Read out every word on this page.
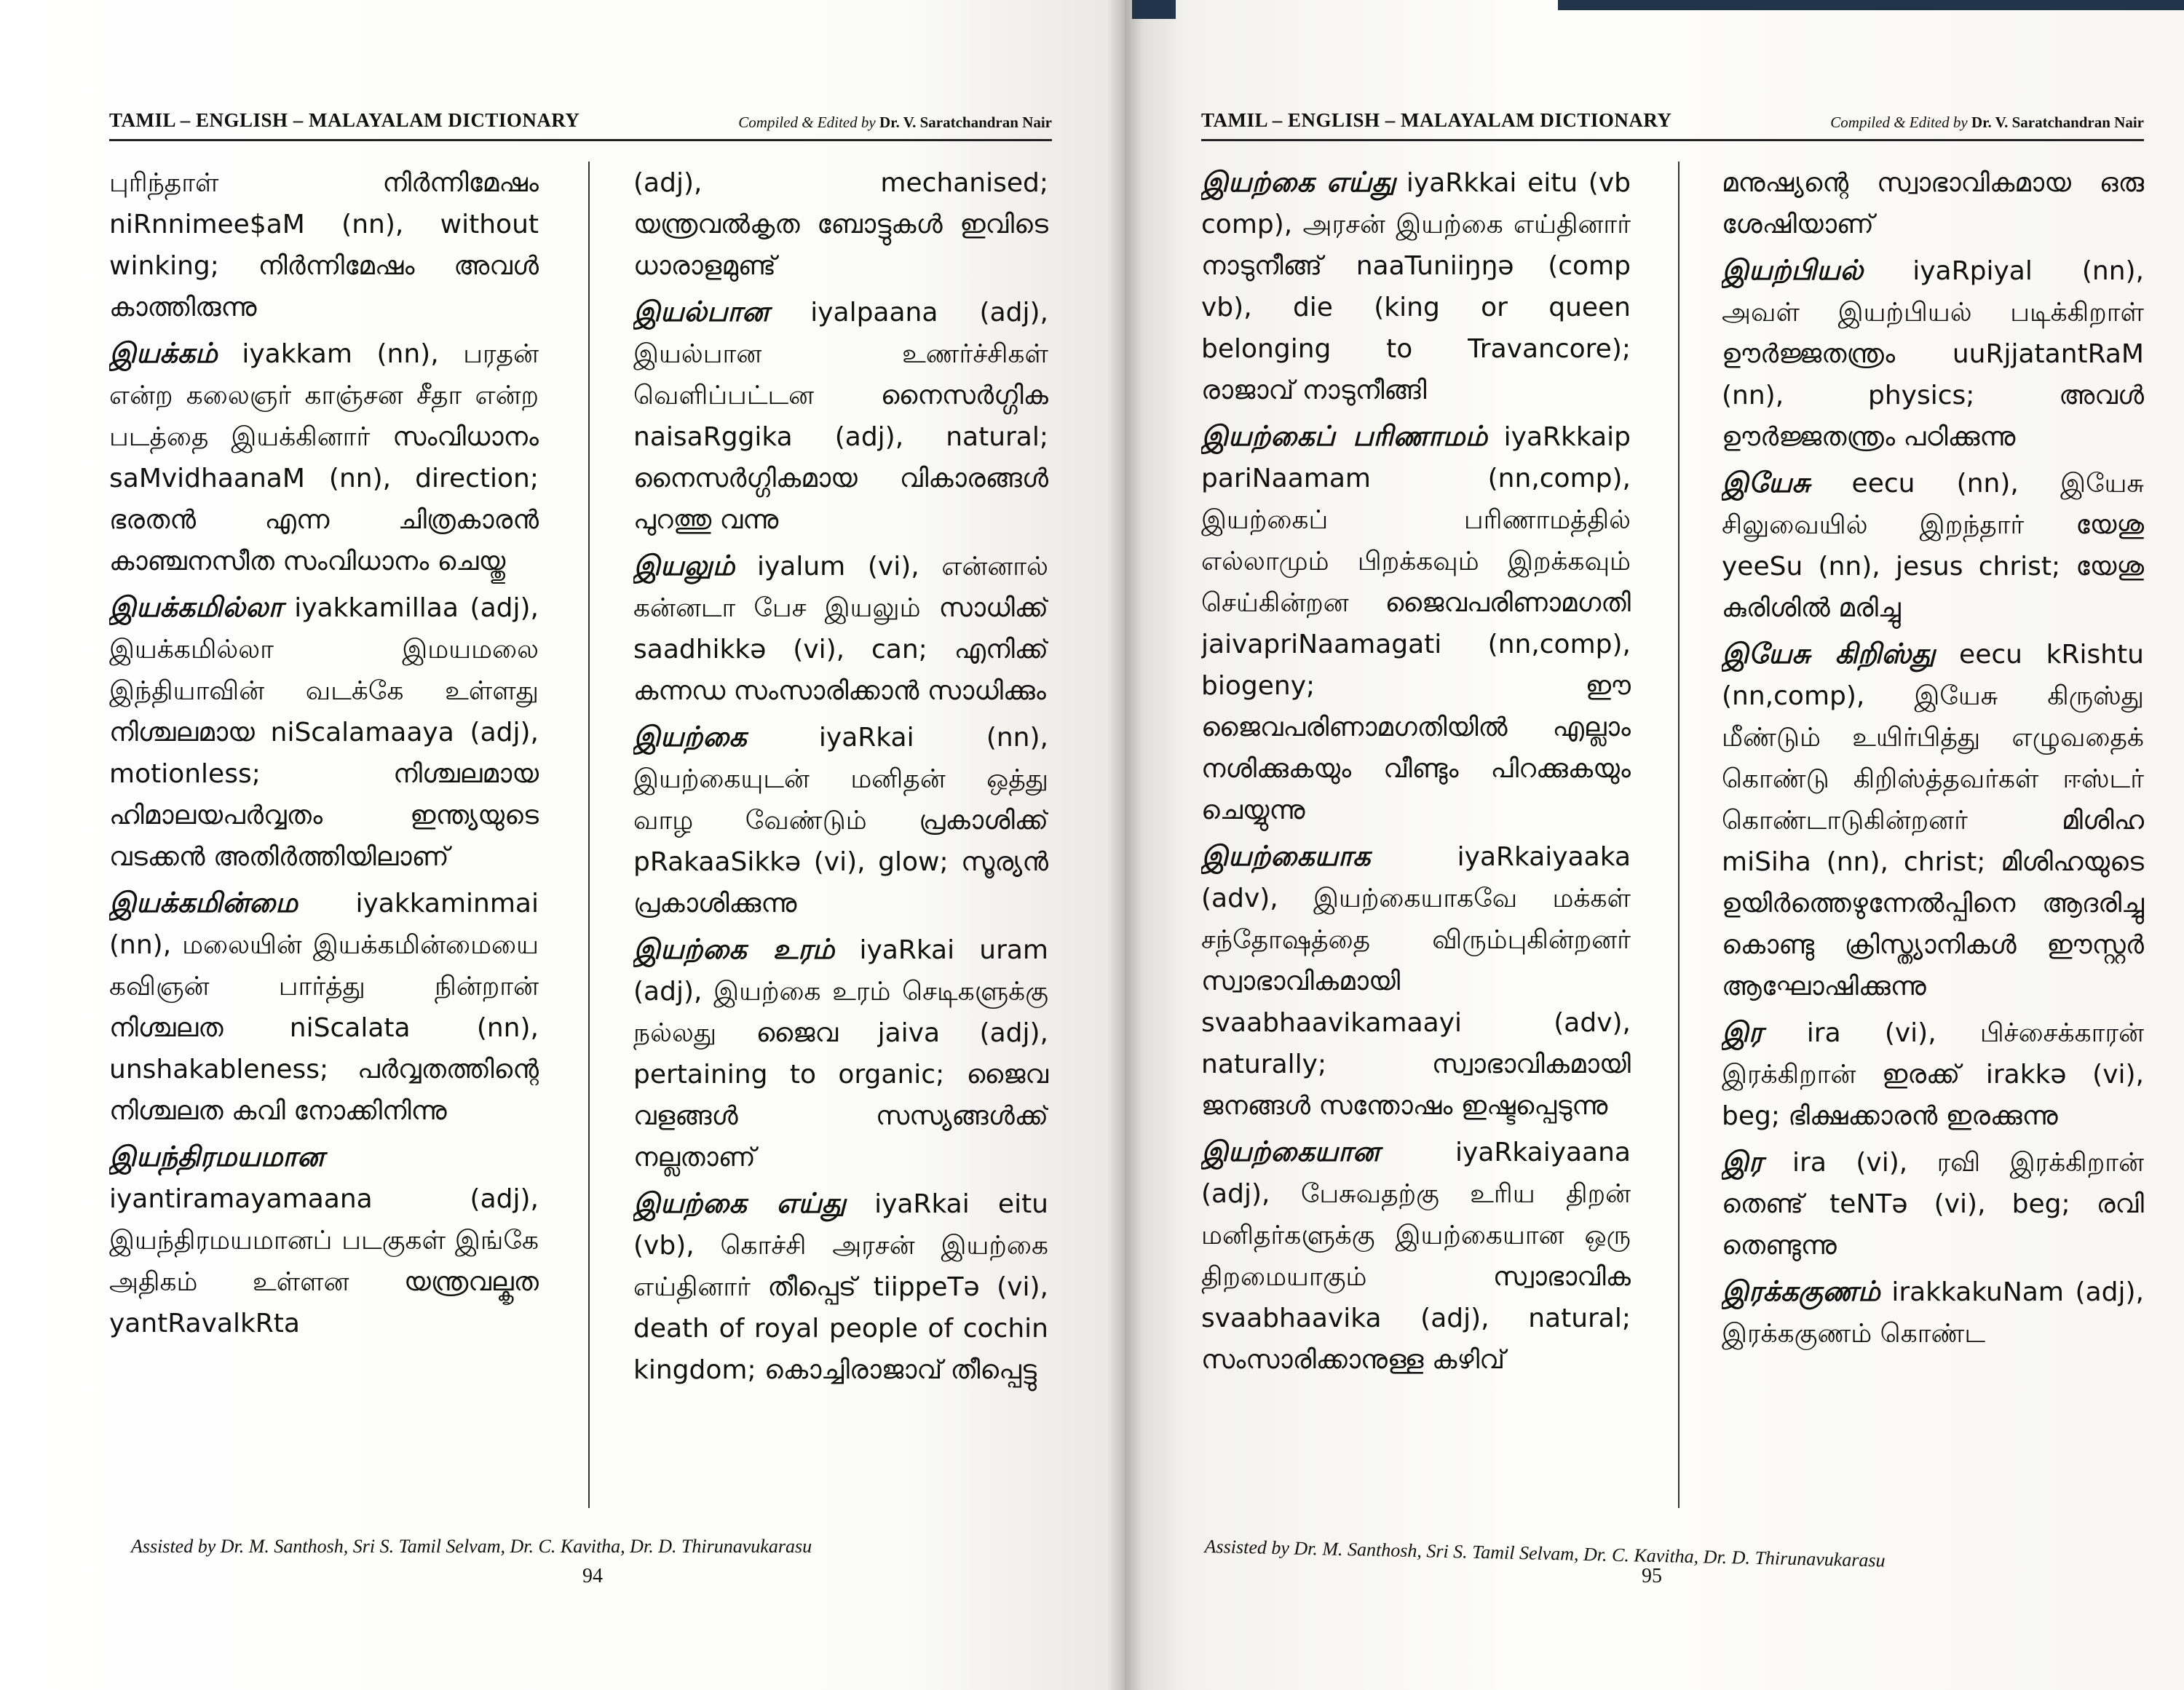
TAMIL – ENGLISH – MALAYALAM DICTIONARY	Compiled & Edited by Dr. V. Saratchandran Nair

புரிந்தாள் നിർന്നിമേഷം niRnnimee$aM (nn), without winking; നിർന്നിമേഷം അവൾ കാത്തിരുന്നു

இயக்கம் iyakkam (nn), பரதன் என்ற கலைஞர் காஞ்சன சீதா என்ற படத்தை இயக்கினார் സംവിധാനം saMvidhaanaM (nn), direction; ഭരതൻ എന്ന ചിത്രകാരൻ കാഞ്ചനസീത സംവിധാനം ചെയ്തു

இயக்கமில்லா iyakkamillaa (adj), இயக்கமில்லா இமயமலை இந்தியாவின் வடக்கே உள்ளது നിശ്ചലമായ niScalamaaya (adj), motionless; നിശ്ചലമായ ഹിമാലയപർവ്വതം ഇന്ത്യയുടെ വടക്കൻ അതിർത്തിയിലാണ്

இயக்கமின்மை iyakkaminmai (nn), மலையின் இயக்கமின்மையை கவிஞன் பார்த்து நின்றான் നിശ്ചലത niScalata (nn), unshakableness; പർവ്വതത്തിന്റെ നിശ്ചലത കവി നോക്കിനിന്നു

இயந்திரமயமான iyantiramayamaana (adj), இயந்திரமயமானப் படகுகள் இங்கே அதிகம் உள்ளன യന്ത്രവല്കൃത yantRavalkRta

(adj), mechanised; യന്ത്രവൽകൃത ബോട്ടുകൾ ഇവിടെ ധാരാളമുണ്ട്

இயல்பான iyalpaana (adj), இயல்பான உணர்ச்சிகள் வெளிப்பட்டன നൈസർഗ്ഗിക naisaRggika (adj), natural; നൈസർഗ്ഗികമായ വികാരങ്ങൾ പുറത്തു വന്നു

இயலும் iyalum (vi), என்னால் கன்னடா பேச இயலும் സാധിക്ക് saadhikkə (vi), can; എനിക്ക് കന്നഡ സംസാരിക്കാൻ സാധിക്കും

இயற்கை	iyaRkai (nn), இயற்கையுடன் மனிதன் ஒத்து வாழ வேண்டும் പ്രകാശിക്ക് pRakaaSikkə (vi), glow; സൂര്യൻ പ്രകാശിക്കുന്നു

இயற்கை உரம் iyaRkai uram (adj), இயற்கை உரம் செடிகளுக்கு நல்லது ജൈവ jaiva (adj), pertaining to organic; ജൈവ വളങ്ങൾ സസ്യങ്ങൾക്ക് നല്ലതാണ്

இயற்கை எய்து iyaRkai eitu (vb), கொச்சி அரசன் இயற்கை எய்தினார் തീപ്പെട് tiippeTə (vi), death of royal people of cochin kingdom; കൊച്ചിരാജാവ് തീപ്പെട്ടു

Assisted by Dr. M. Santhosh, Sri S. Tamil Selvam, Dr. C. Kavitha, Dr. D. Thirunavukarasu
94
TAMIL – ENGLISH – MALAYALAM DICTIONARY	Compiled & Edited by Dr. V. Saratchandran Nair

இயற்கை எய்து iyaRkkai eitu (vb comp), அரசன் இயற்கை எய்தினார் നാടുനീങ്ങ് naaTuniiŋŋə (comp vb), die (king or queen belonging to Travancore); രാജാവ് നാടുനീങ്ങി

இயற்கைப் பரிணாமம் iyaRkkaip pariNaamam (nn,comp), இயற்கைப் பரிணாமத்தில் எல்லாமும் பிறக்கவும் இறக்கவும் செய்கின்றன ജൈവപരിണാമഗതി jaivapriNaamagati (nn,comp), biogeny; ഈ ജൈവപരിണാമഗതിയിൽ എല്ലാം നശിക്കുകയും വീണ്ടും പിറക്കുകയും ചെയ്യുന്നു

இயற்கையாக	iyaRkaiyaaka (adv), இயற்கையாகவே மக்கள் சந்தோஷத்தை விரும்புகின்றனர் സ്വാഭാവികമായി svaabhaavikamaayi (adv), naturally; സ്വാഭാവികമായി ജനങ്ങൾ സന്തോഷം ഇഷ്ടപ്പെടുന്നു

இயற்கையான	iyaRkaiyaana (adj), பேசுவதற்கு உரிய திறன் மனிதர்களுக்கு இயற்கையான ஒரு திறமையாகும் സ്വാഭാവിക svaabhaavika (adj), natural; സംസാരിക്കാനുള്ള കഴിവ്

മനുഷ്യന്റെ സ്വാഭാവികമായ ഒരു ശേഷിയാണ്

இயற்பியல் iyaRpiyal (nn), அவள் இயற்பியல் படிக்கிறாள் ഊർജ്ജതന്ത്രം uuRjjatantRaM (nn), physics; അവൾ ഊർജ്ജതന്ത്രം പഠിക്കുന്നു

இயேசு eecu (nn), இயேசு சிலுவையில் இறந்தார் യേശു yeeSu (nn), jesus christ; യേശു കുരിശിൽ മരിച്ചു

இயேசு கிறிஸ்து eecu kRishtu (nn,comp), இயேசு கிருஸ்து மீண்டும் உயிர்பித்து எழுவதைக் கொண்டு கிறிஸ்த்தவர்கள் ஈஸ்டர் கொண்டாடுகின்றனர் മിശിഹ miSiha (nn), christ; മിശിഹയുടെ ഉയിർത്തെഴുന്നേൽപ്പിനെ ആദരിച്ചു കൊണ്ടു ക്രിസ്ത്യാനികൾ ഈസ്റ്റർ ആഘോഷിക്കുന്നു

இர ira (vi), பிச்சைக்காரன் இரக்கிறான் ഇരക്ക് irakkə (vi), beg; ഭിക്ഷക്കാരൻ ഇരക്കുന്നു

இர ira (vi), ரவி இரக்கிறான் തെണ്ട് teNTə (vi), beg; രവി തെണ്ടുന്നു

இரக்ககுணம் irakkakuNam (adj), இரக்ககுணம் கொண்ட

Assisted by Dr. M. Santhosh, Sri S. Tamil Selvam, Dr. C. Kavitha, Dr. D. Thirunavukarasu
95
